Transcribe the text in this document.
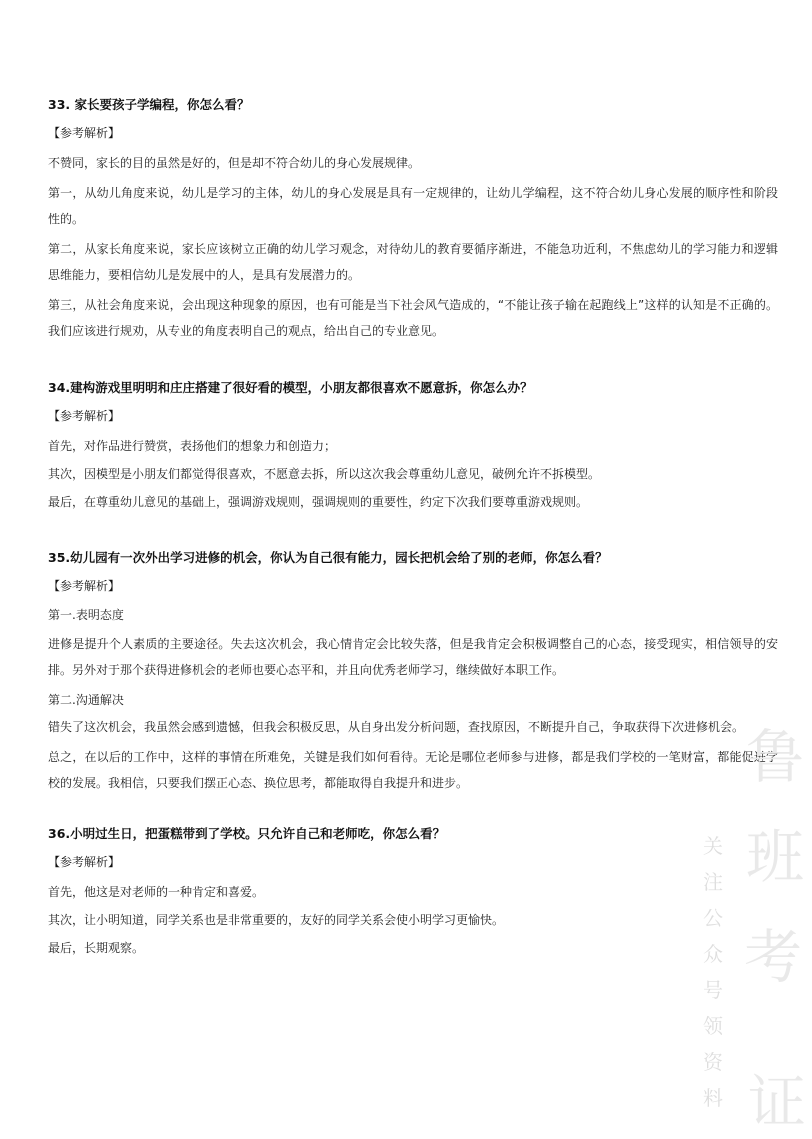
33. 家长要孩子学编程，你怎么看？

【参考解析】

不赞同，家长的目的虽然是好的，但是却不符合幼儿的身心发展规律。

第一，从幼儿角度来说，幼儿是学习的主体，幼儿的身心发展是具有一定规律的，让幼儿学编程，这不符合幼儿身心发展的顺序性和阶段性的。

第二，从家长角度来说，家长应该树立正确的幼儿学习观念，对待幼儿的教育要循序渐进，不能急功近利，不焦虑幼儿的学习能力和逻辑思维能力，要相信幼儿是发展中的人，是具有发展潜力的。

第三，从社会角度来说，会出现这种现象的原因，也有可能是当下社会风气造成的，“不能让孩子输在起跑线上”这样的认知是不正确的。我们应该进行规劝，从专业的角度表明自己的观点，给出自己的专业意见。

34.建构游戏里明明和庄庄搭建了很好看的模型，小朋友都很喜欢不愿意拆，你怎么办？

【参考解析】

首先，对作品进行赞赏，表扬他们的想象力和创造力；

其次，因模型是小朋友们都觉得很喜欢，不愿意去拆，所以这次我会尊重幼儿意见，破例允许不拆模型。

最后，在尊重幼儿意见的基础上，强调游戏规则，强调规则的重要性，约定下次我们要尊重游戏规则。

35.幼儿园有一次外出学习进修的机会，你认为自己很有能力，园长把机会给了别的老师，你怎么看？

【参考解析】

第一.表明态度

进修是提升个人素质的主要途径。失去这次机会，我心情肯定会比较失落，但是我肯定会积极调整自己的心态，接受现实，相信领导的安排。另外对于那个获得进修机会的老师也要心态平和，并且向优秀老师学习，继续做好本职工作。

第二.沟通解决

错失了这次机会，我虽然会感到遗憾，但我会积极反思，从自身出发分析问题，查找原因，不断提升自己，争取获得下次进修机会。

总之，在以后的工作中，这样的事情在所难免，关键是我们如何看待。无论是哪位老师参与进修，都是我们学校的一笔财富，都能促进学校的发展。我相信，只要我们摆正心态、换位思考，都能取得自我提升和进步。

36.小明过生日，把蛋糕带到了学校。只允许自己和老师吃，你怎么看？

【参考解析】

首先，他这是对老师的一种肯定和喜爱。

其次，让小明知道，同学关系也是非常重要的，友好的同学关系会使小明学习更愉快。

最后，长期观察。

鲁
班
考
证
关注公众号领资料
